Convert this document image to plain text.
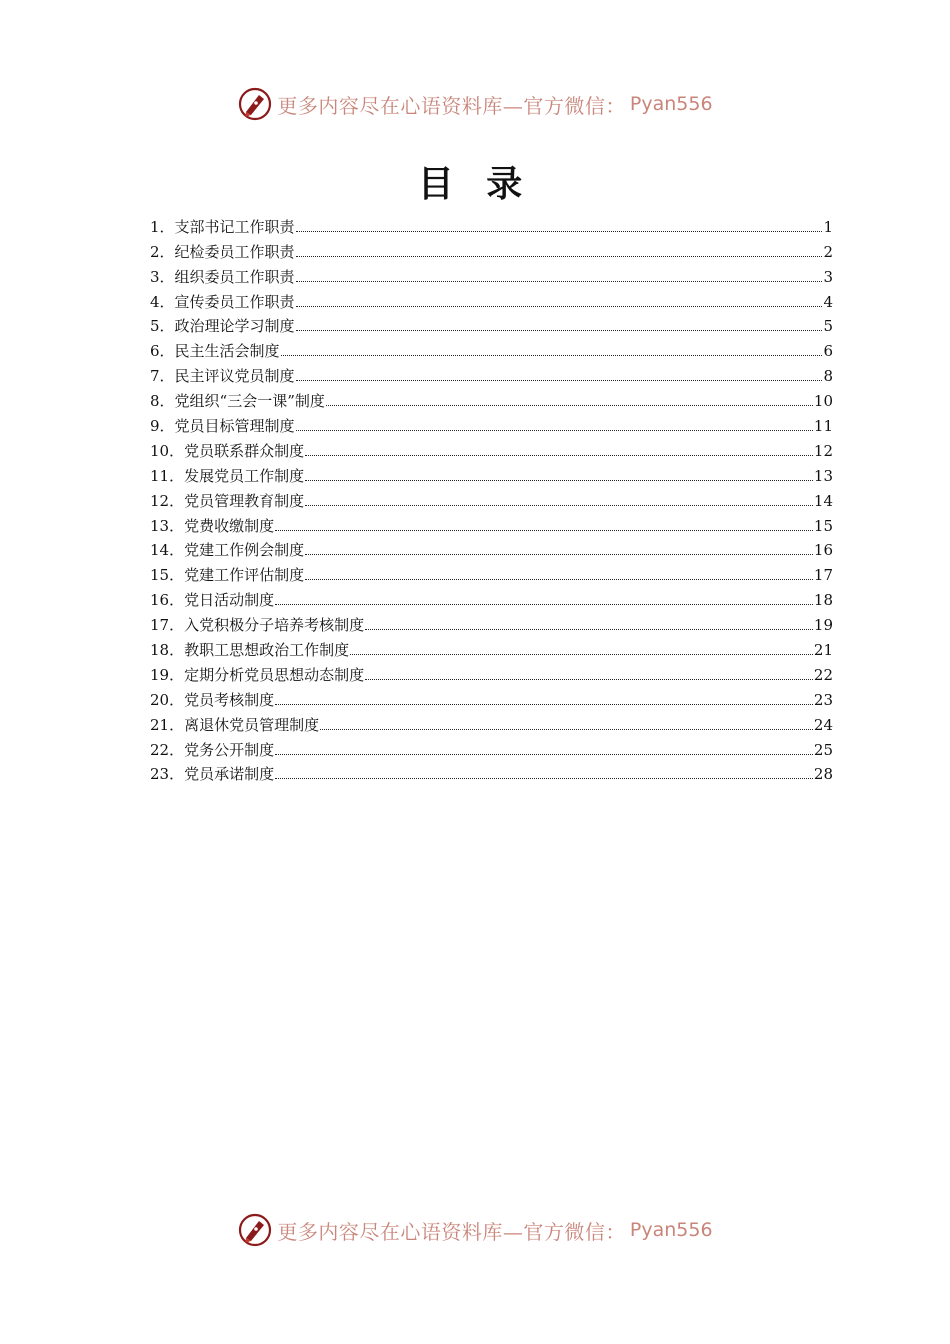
更多内容尽在心语资料库—官方微信： Pyan556
目 录
1．支部书记工作职责	1
2．纪检委员工作职责	2
3．组织委员工作职责	3
4．宣传委员工作职责	4
5．政治理论学习制度	5
6．民主生活会制度	6
7．民主评议党员制度	8
8．党组织“三会一课”制度	10
9．党员目标管理制度	11
10．党员联系群众制度	12
11．发展党员工作制度	13
12．党员管理教育制度	14
13．党费收缴制度	15
14．党建工作例会制度	16
15．党建工作评估制度	17
16．党日活动制度	18
17．入党积极分子培养考核制度	19
18．教职工思想政治工作制度	21
19．定期分析党员思想动态制度	22
20．党员考核制度	23
21．离退休党员管理制度	24
22．党务公开制度	25
23．党员承诺制度	28
更多内容尽在心语资料库—官方微信： Pyan556
